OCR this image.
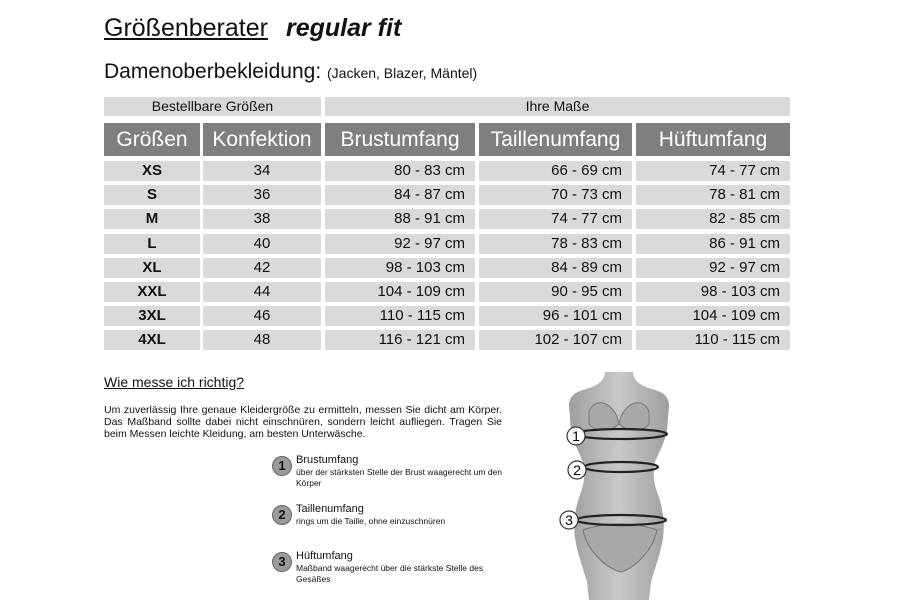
Größenberater regular fit
Damenoberbekleidung: (Jacken, Blazer, Mäntel)
Bestellbare Größen	Ihre Maße
Größen	Konfektion	Brustumfang	Taillenumfang	Hüftumfang
XS	34	80 - 83 cm	66 - 69 cm	74 - 77 cm
S	36	84 - 87 cm	70 - 73 cm	78 - 81 cm
M	38	88 - 91 cm	74 - 77 cm	82 - 85 cm
L	40	92 - 97 cm	78 - 83 cm	86 - 91 cm
XL	42	98 - 103 cm	84 - 89 cm	92 - 97 cm
XXL	44	104 - 109 cm	90 - 95 cm	98 - 103 cm
3XL	46	110 - 115 cm	96 - 101 cm	104 - 109 cm
4XL	48	116 - 121 cm	102 - 107 cm	110 - 115 cm
Wie messe ich richtig?
Um zuverlässig Ihre genaue Kleidergröße zu ermitteln, messen Sie dicht am Körper. Das Maßband sollte dabei nicht einschnüren, sondern leicht aufliegen. Tragen Sie beim Messen leichte Kleidung, am besten Unterwäsche.
1 Brustumfang
über der stärksten Stelle der Brust waagerecht um den Körper
2 Taillenumfang
rings um die Taille, ohne einzuschnüren
3 Hüftumfang
Maßband waagerecht über die stärkste Stelle des Gesäßes
1
2
3
